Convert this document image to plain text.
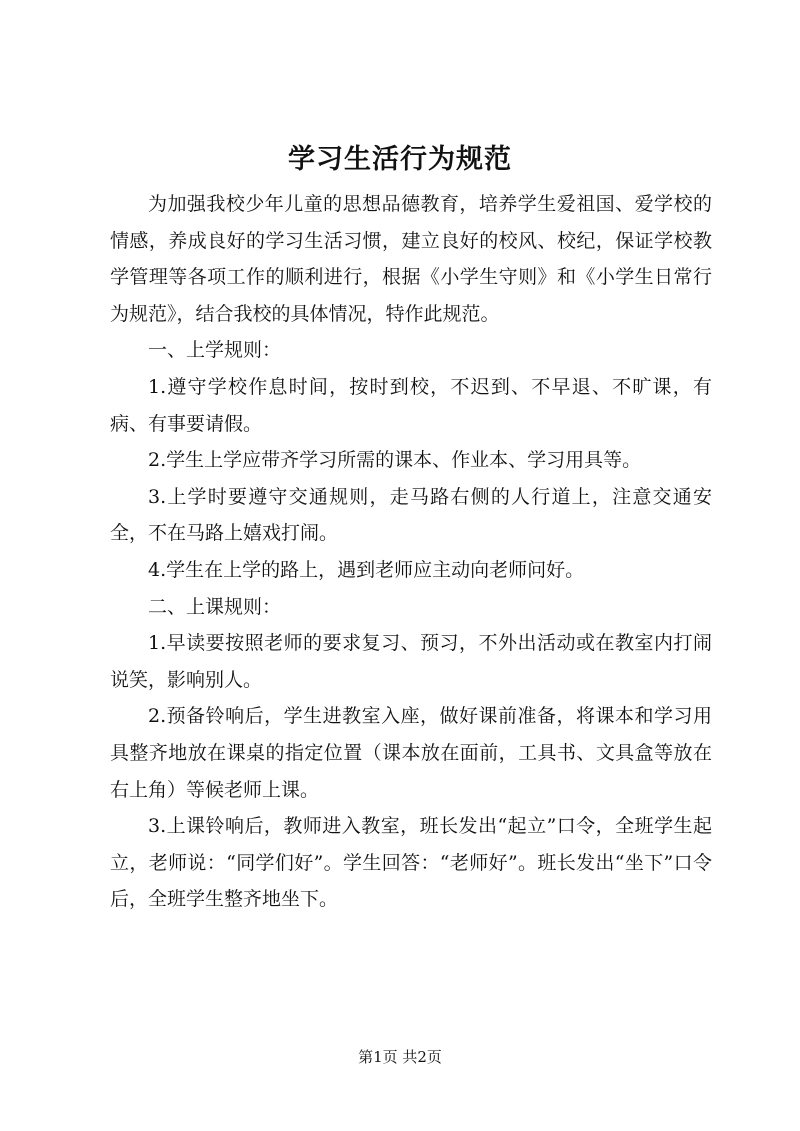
学习生活行为规范

为加强我校少年儿童的思想品德教育，培养学生爱祖国、爱学校的情感，养成良好的学习生活习惯，建立良好的校风、校纪，保证学校教学管理等各项工作的顺利进行，根据《小学生守则》和《小学生日常行为规范》，结合我校的具体情况，特作此规范。

一、上学规则：

1.遵守学校作息时间，按时到校，不迟到、不早退、不旷课，有病、有事要请假。

2.学生上学应带齐学习所需的课本、作业本、学习用具等。

3.上学时要遵守交通规则，走马路右侧的人行道上，注意交通安全，不在马路上嬉戏打闹。

4.学生在上学的路上，遇到老师应主动向老师问好。

二、上课规则：

1.早读要按照老师的要求复习、预习，不外出活动或在教室内打闹说笑，影响别人。

2.预备铃响后，学生进教室入座，做好课前准备，将课本和学习用具整齐地放在课桌的指定位置（课本放在面前，工具书、文具盒等放在右上角）等候老师上课。

3.上课铃响后，教师进入教室，班长发出“起立”口令，全班学生起立，老师说：“同学们好”。学生回答：“老师好”。班长发出“坐下”口令后，全班学生整齐地坐下。

第1页 共2页
